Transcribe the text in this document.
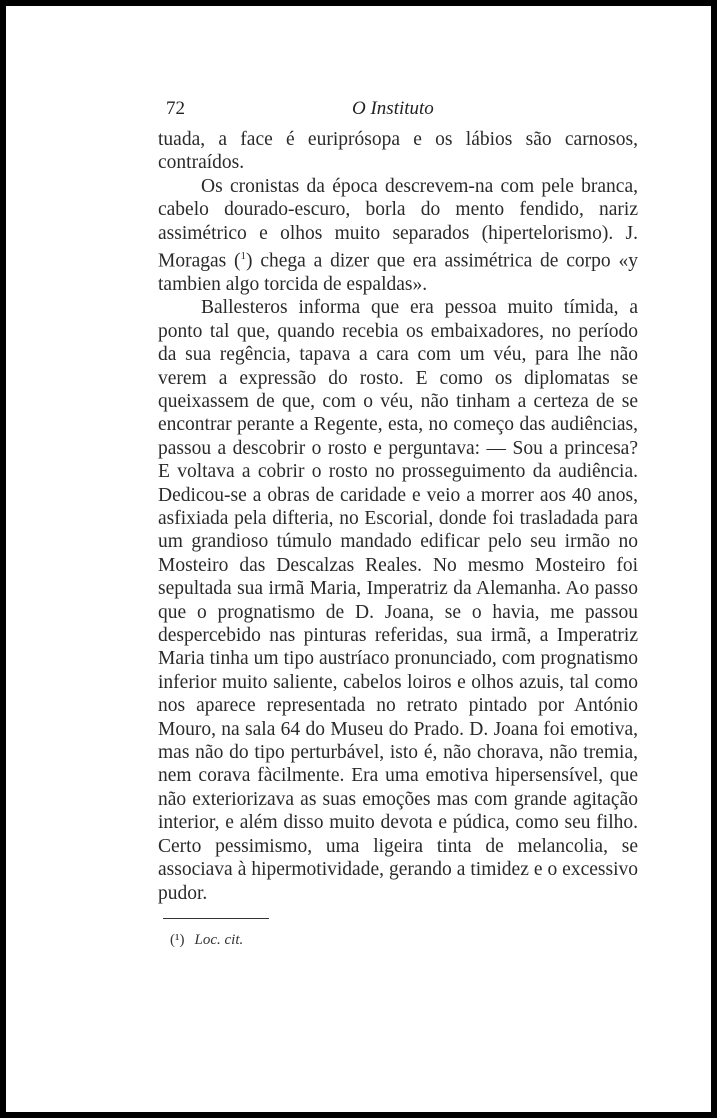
72	O Instituto

tuada, a face é euriprósopa e os lábios são carnosos, contraídos.

Os cronistas da época descrevem-na com pele branca, cabelo dourado-escuro, borla do mento fendido, nariz assimétrico e olhos muito separados (hipertelorismo). J. Moragas ($^1$) chega a dizer que era assimétrica de corpo «y tambien algo torcida de espaldas».

Ballesteros informa que era pessoa muito tímida, a ponto tal que, quando recebia os embaixadores, no período da sua regência, tapava a cara com um véu, para lhe não verem a expressão do rosto. E como os diplomatas se queixassem de que, com o véu, não tinham a certeza de se encontrar perante a Regente, esta, no começo das audiências, passou a descobrir o rosto e perguntava: — Sou a princesa? E voltava a cobrir o rosto no prosseguimento da audiência. Dedicou-se a obras de caridade e veio a morrer aos 40 anos, asfixiada pela difteria, no Escorial, donde foi trasladada para um grandioso túmulo mandado edificar pelo seu irmão no Mosteiro das Descalzas Reales. No mesmo Mosteiro foi sepultada sua irmã Maria, Imperatriz da Alemanha. Ao passo que o prognatismo de D. Joana, se o havia, me passou despercebido nas pinturas referidas, sua irmã, a Imperatriz Maria tinha um tipo austríaco pronunciado, com prognatismo inferior muito saliente, cabelos loiros e olhos azuis, tal como nos aparece representada no retrato pintado por António Mouro, na sala 64 do Museu do Prado. D. Joana foi emotiva, mas não do tipo perturbável, isto é, não chorava, não tremia, nem corava fàcilmente. Era uma emotiva hipersensível, que não exteriorizava as suas emoções mas com grande agitação interior, e além disso muito devota e púdica, como seu filho. Certo pessimismo, uma ligeira tinta de melancolia, se associava à hipermotividade, gerando a timidez e o excessivo pudor.

(¹) Loc. cit.
